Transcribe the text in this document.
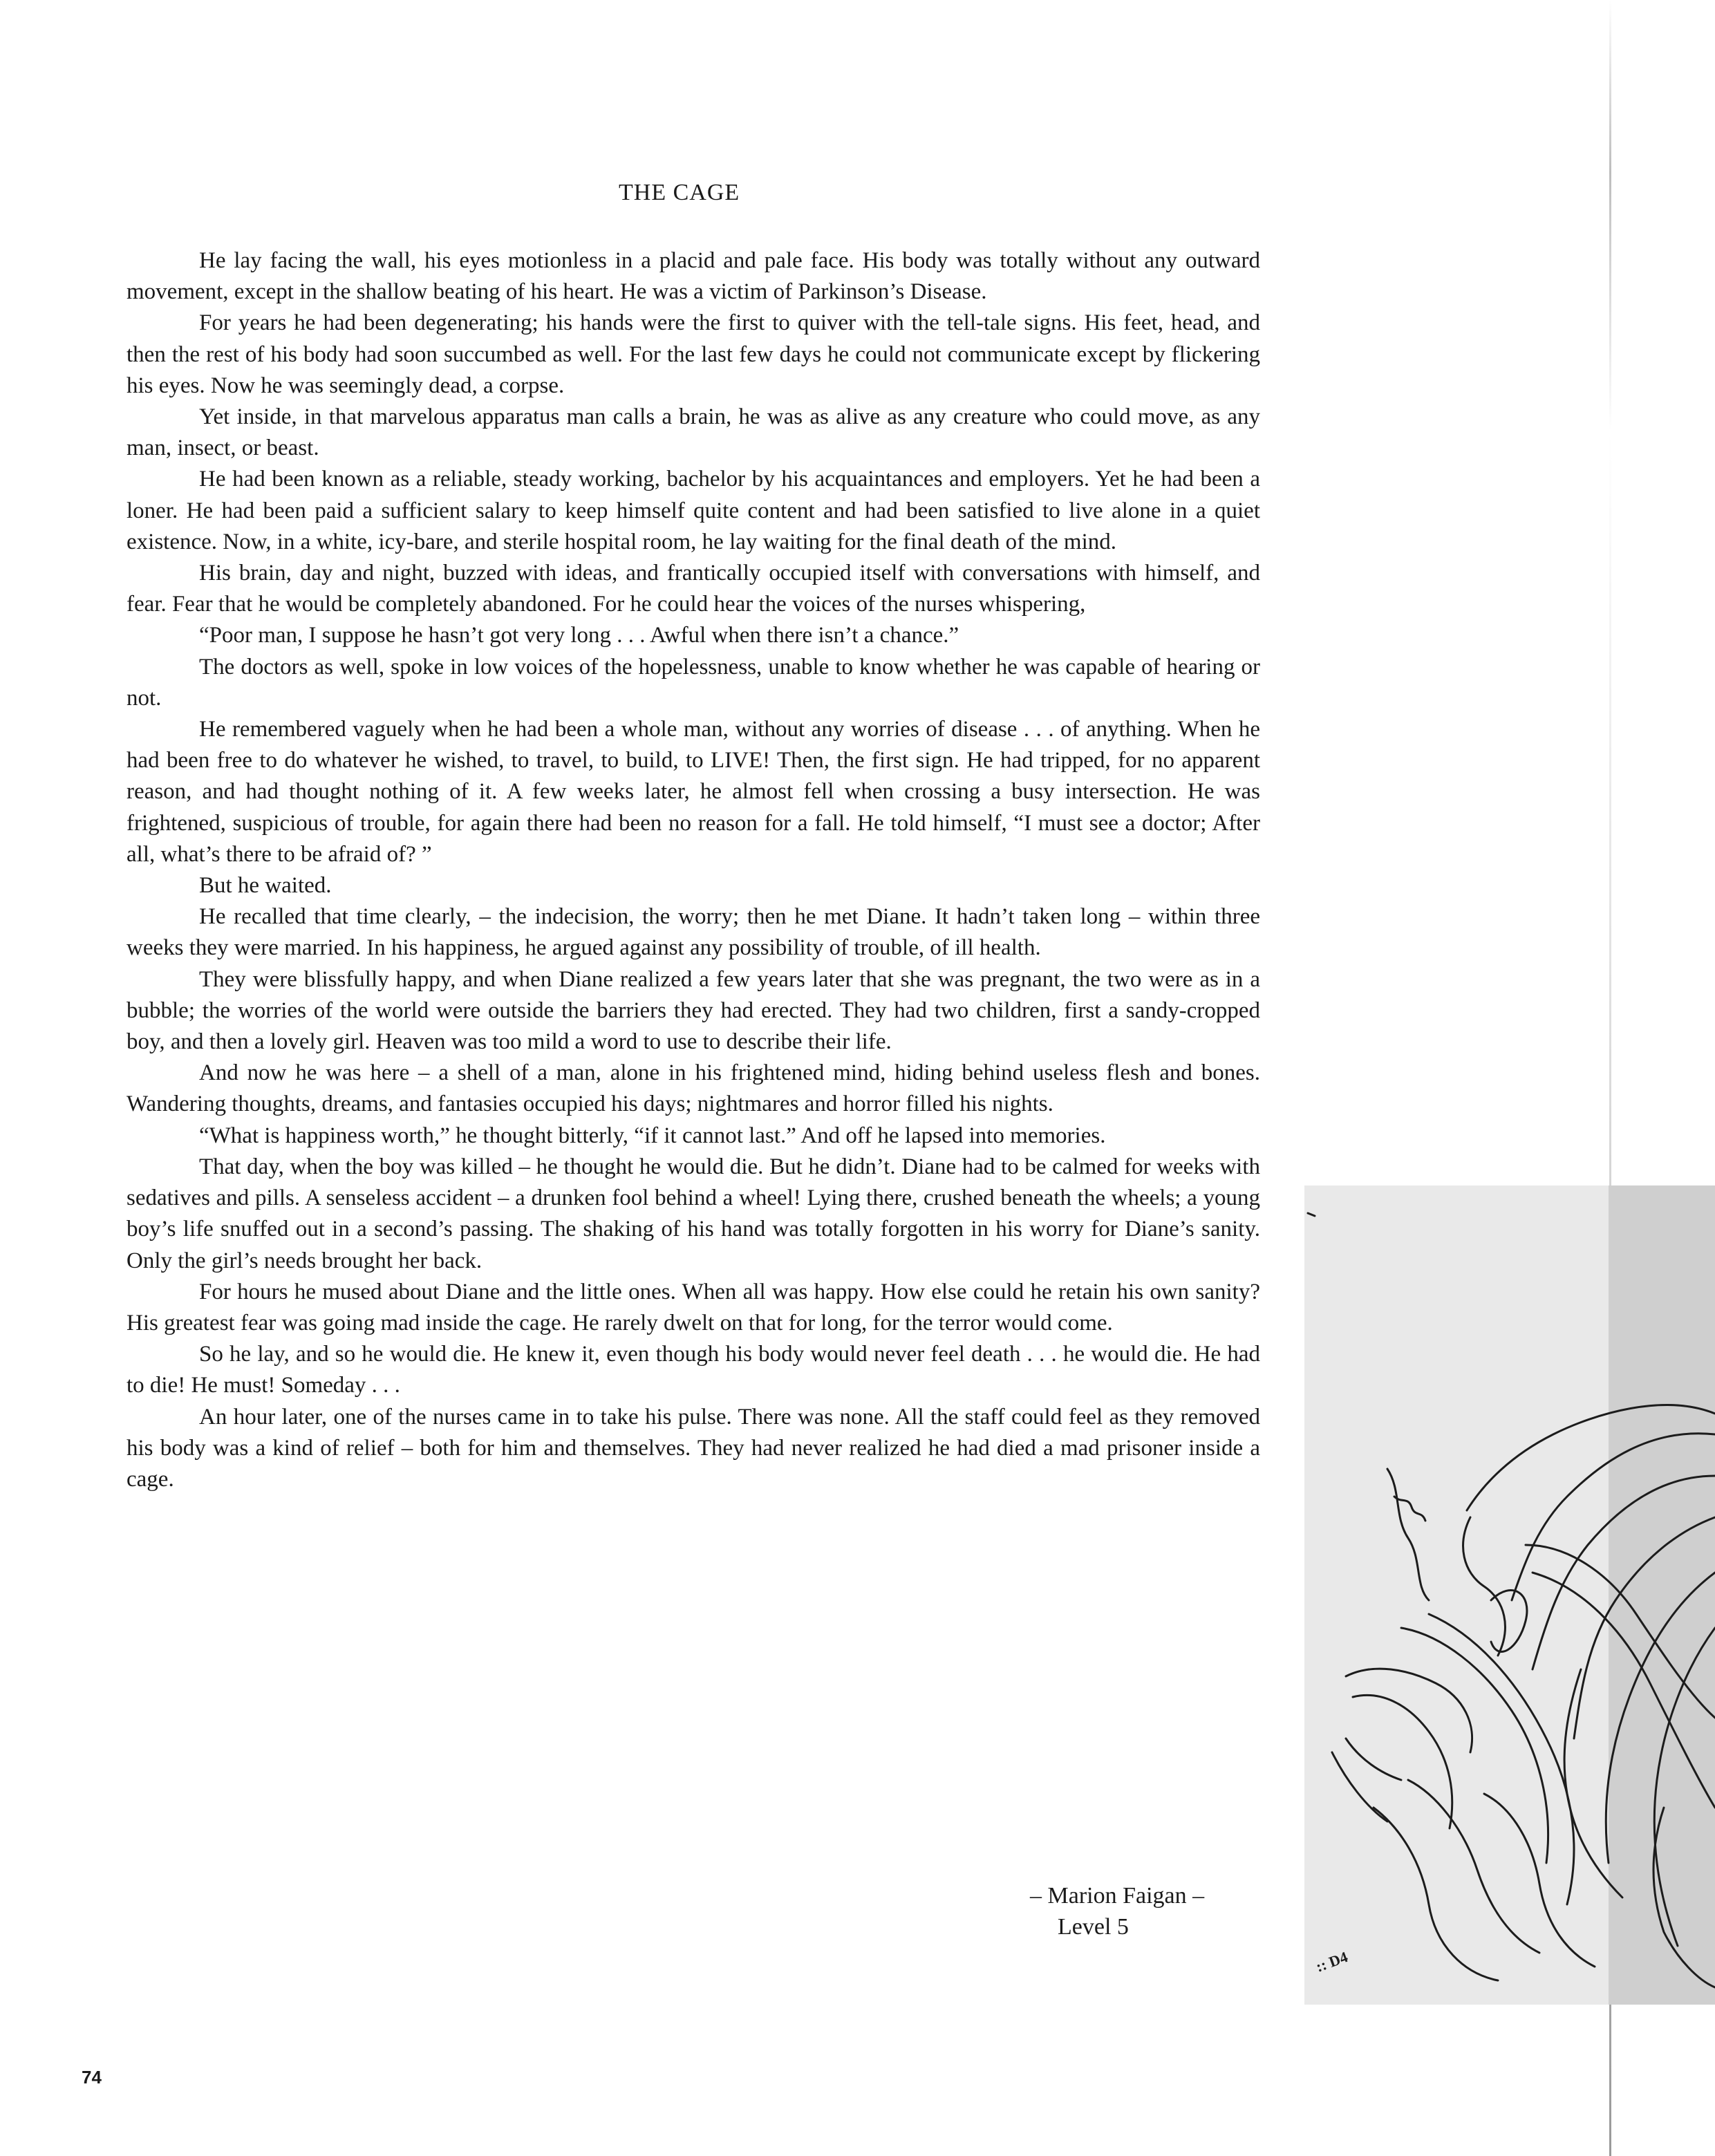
THE CAGE

He lay facing the wall, his eyes motionless in a placid and pale face. His body was totally without any outward movement, except in the shallow beating of his heart. He was a victim of Parkinson’s Disease.

For years he had been degenerating; his hands were the first to quiver with the tell-tale signs. His feet, head, and then the rest of his body had soon succumbed as well. For the last few days he could not communicate except by flickering his eyes. Now he was seemingly dead, a corpse.

Yet inside, in that marvelous apparatus man calls a brain, he was as alive as any creature who could move, as any man, insect, or beast.

He had been known as a reliable, steady working, bachelor by his acquaintances and employers. Yet he had been a loner. He had been paid a sufficient salary to keep himself quite content and had been satisfied to live alone in a quiet existence. Now, in a white, icy-bare, and sterile hospital room, he lay waiting for the final death of the mind.

His brain, day and night, buzzed with ideas, and frantically occupied itself with conversations with himself, and fear. Fear that he would be completely abandoned. For he could hear the voices of the nurses whispering,

“Poor man, I suppose he hasn’t got very long . . . Awful when there isn’t a chance.”

The doctors as well, spoke in low voices of the hopelessness, unable to know whether he was capable of hearing or not.

He remembered vaguely when he had been a whole man, without any worries of disease . . . of anything. When he had been free to do whatever he wished, to travel, to build, to LIVE! Then, the first sign. He had tripped, for no apparent reason, and had thought nothing of it. A few weeks later, he almost fell when crossing a busy intersection. He was frightened, suspicious of trouble, for again there had been no reason for a fall. He told himself, “I must see a doctor; After all, what’s there to be afraid of? ”

But he waited.

He recalled that time clearly, – the indecision, the worry; then he met Diane. It hadn’t taken long – within three weeks they were married. In his happiness, he argued against any possibility of trouble, of ill health.

They were blissfully happy, and when Diane realized a few years later that she was pregnant, the two were as in a bubble; the worries of the world were outside the barriers they had erected. They had two children, first a sandy-cropped boy, and then a lovely girl. Heaven was too mild a word to use to describe their life.

And now he was here – a shell of a man, alone in his frightened mind, hiding behind useless flesh and bones. Wandering thoughts, dreams, and fantasies occupied his days; nightmares and horror filled his nights.

“What is happiness worth,” he thought bitterly, “if it cannot last.” And off he lapsed into memories.

That day, when the boy was killed – he thought he would die. But he didn’t. Diane had to be calmed for weeks with sedatives and pills. A senseless accident – a drunken fool behind a wheel! Lying there, crushed beneath the wheels; a young boy’s life snuffed out in a second’s passing. The shaking of his hand was totally forgotten in his worry for Diane’s sanity. Only the girl’s needs brought her back.

For hours he mused about Diane and the little ones. When all was happy. How else could he retain his own sanity? His greatest fear was going mad inside the cage. He rarely dwelt on that for long, for the terror would come.

So he lay, and so he would die. He knew it, even though his body would never feel death . . . he would die. He had to die! He must! Someday . . .

An hour later, one of the nurses came in to take his pulse. There was none. All the staff could feel as they removed his body was a kind of relief – both for him and themselves. They had never realized he had died a mad prisoner inside a cage.

– Marion Faigan –
Level 5
74
:: D4
